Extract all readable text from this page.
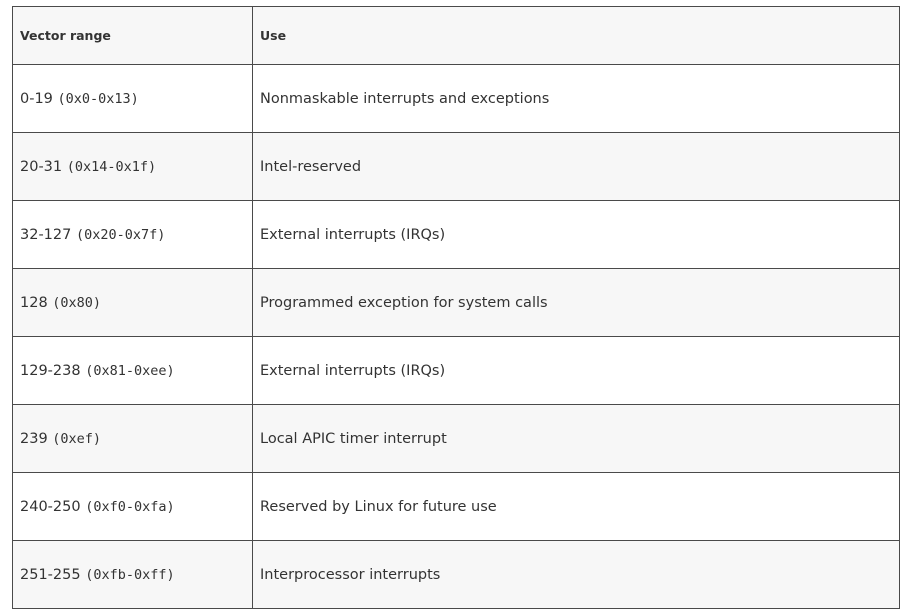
Vector range	Use
0-19 (0x0-0x13)	Nonmaskable interrupts and exceptions
20-31 (0x14-0x1f)	Intel-reserved
32-127 (0x20-0x7f)	External interrupts (IRQs)
128 (0x80)	Programmed exception for system calls
129-238 (0x81-0xee)	External interrupts (IRQs)
239 (0xef)	Local APIC timer interrupt
240-250 (0xf0-0xfa)	Reserved by Linux for future use
251-255 (0xfb-0xff)	Interprocessor interrupts
